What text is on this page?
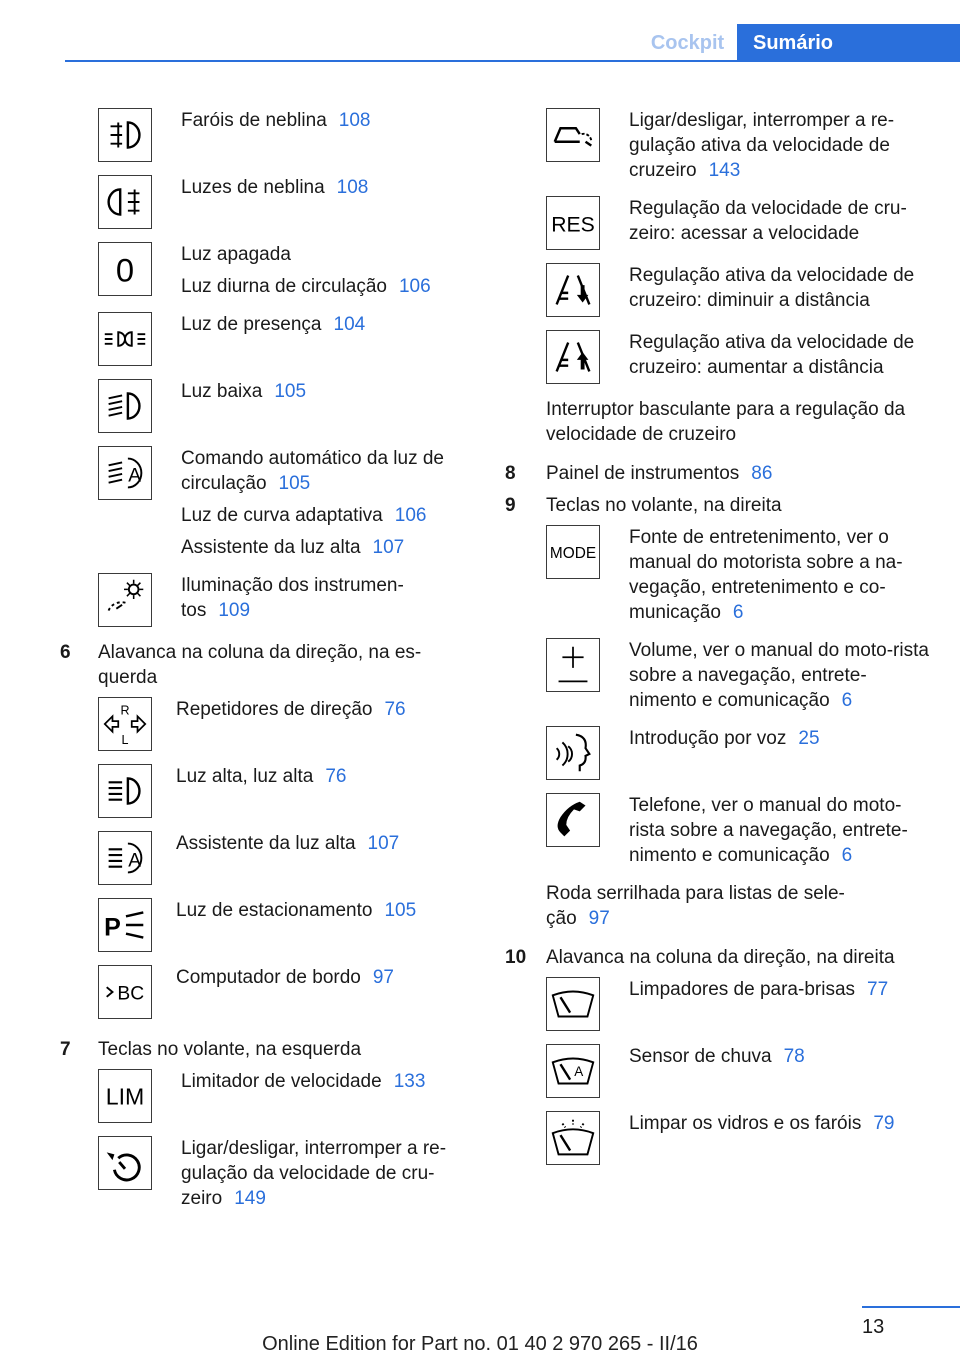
Cockpit	Sumário
Faróis de neblina 108
Luzes de neblina 108
0 Luz apagada

Luz diurna de circulação 106

Luz de presença 104
Luz baixa 105
A

Comando automático da luz de circulação 105

Luz de curva adaptativa 106

Assistente da luz alta 107

Iluminação dos instrumen-tos 109
6	Alavanca na coluna da direção, na es-querda
R
L
Repetidores de direção 76
Luz alta, luz alta 76
A
Assistente da luz alta 107
P
Luz de estacionamento 105
BC
Computador de bordo 97
7	Teclas no volante, na esquerda
LIM
Limitador de velocidade 133
Ligar/desligar, interromper a re-gulação da velocidade de cru-zeiro 149
Ligar/desligar, interromper a re-gulação ativa da velocidade de cruzeiro 143
RES
Regulação da velocidade de cru-zeiro: acessar a velocidade
Regulação ativa da velocidade de cruzeiro: diminuir a distância
Regulação ativa da velocidade de cruzeiro: aumentar a distância
Interruptor basculante para a regulação da velocidade de cruzeiro
8	Painel de instrumentos 86
9	Teclas no volante, na direita
MODE
Fonte de entretenimento, ver o manual do motorista sobre a na-vegação, entretenimento e co-municação 6
Volume, ver o manual do moto-rista sobre a navegação, entrete-nimento e comunicação 6
Introdução por voz 25
Telefone, ver o manual do moto-rista sobre a navegação, entrete-nimento e comunicação 6
Roda serrilhada para listas de sele-ção 97
10	Alavanca na coluna da direção, na direita
Limpadores de para-brisas 77
A
Sensor de chuva 78
Limpar os vidros e os faróis 79
13
Online Edition for Part no. 01 40 2 970 265 - II/16
